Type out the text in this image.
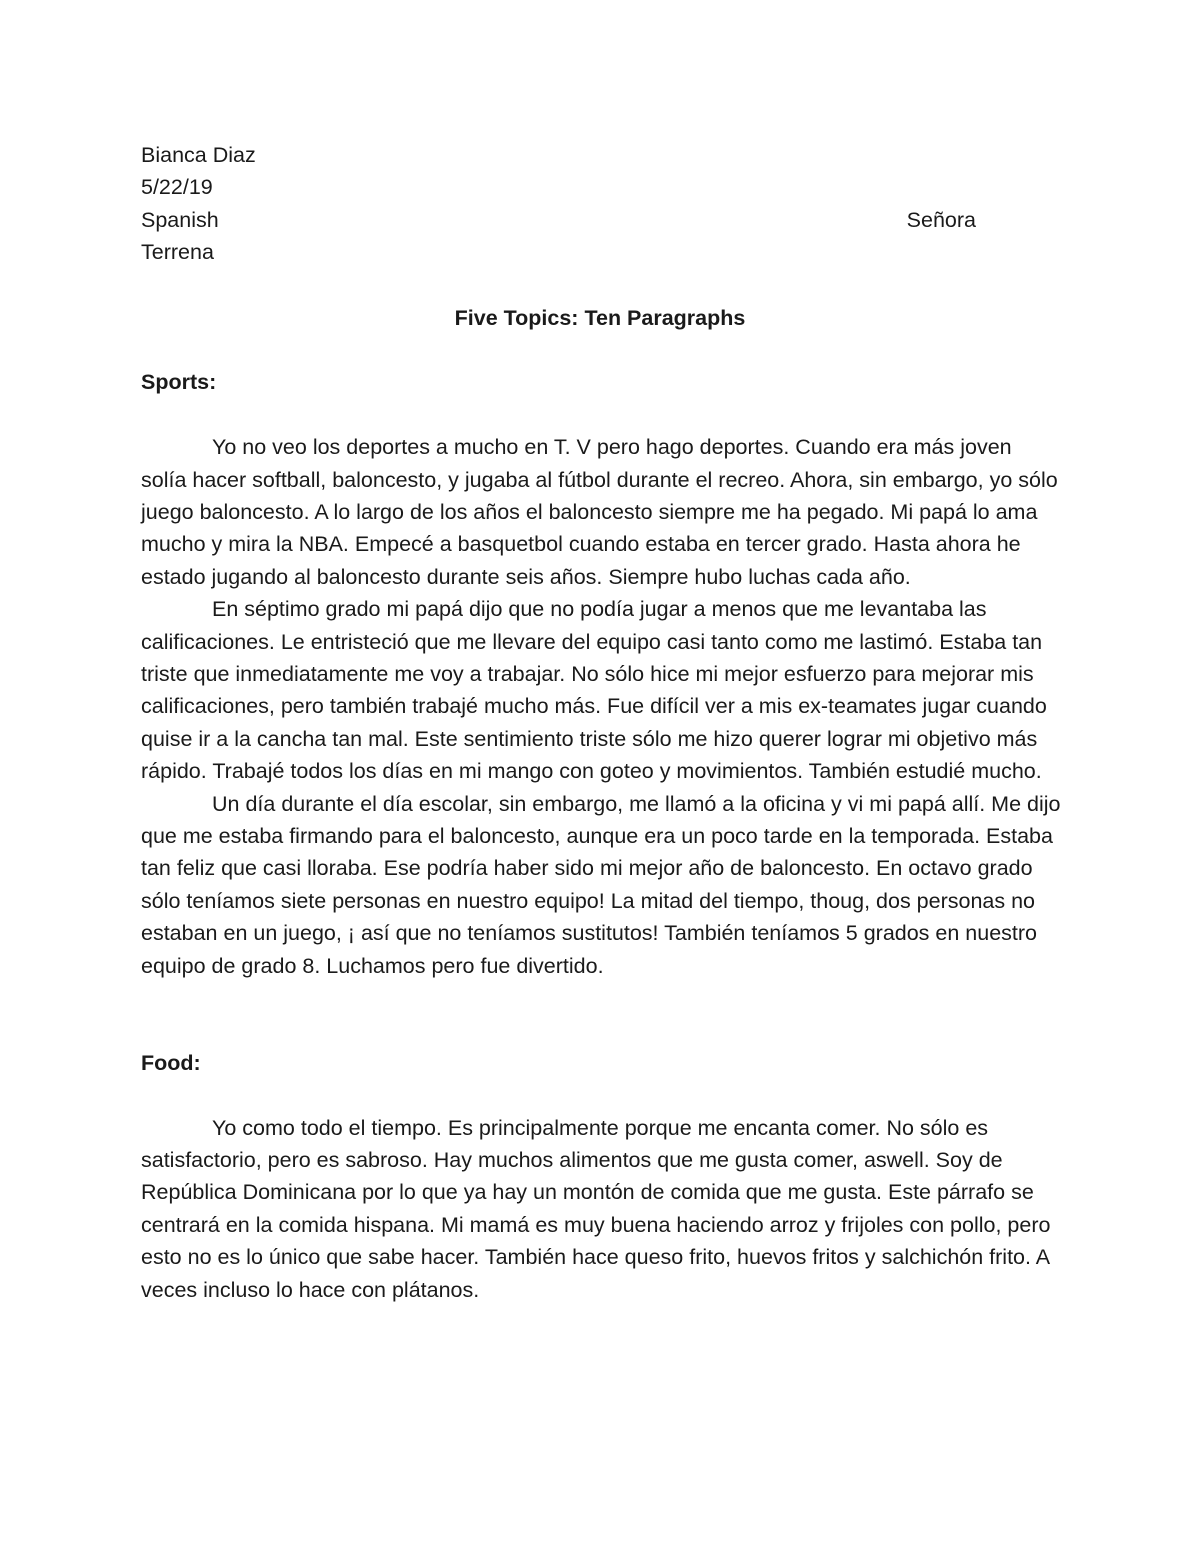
Bianca Diaz
5/22/19
Spanish	Señora
Terrena
Five Topics: Ten Paragraphs
Sports:

Yo no veo los deportes a mucho en T. V pero hago deportes. Cuando era más joven solía hacer softball, baloncesto, y jugaba al fútbol durante el recreo. Ahora, sin embargo, yo sólo juego baloncesto. A lo largo de los años el baloncesto siempre me ha pegado. Mi papá lo ama mucho y mira la NBA. Empecé a basquetbol cuando estaba en tercer grado. Hasta ahora he estado jugando al baloncesto durante seis años. Siempre hubo luchas cada año.

En séptimo grado mi papá dijo que no podía jugar a menos que me levantaba las calificaciones. Le entristeció que me llevare del equipo casi tanto como me lastimó. Estaba tan triste que inmediatamente me voy a trabajar. No sólo hice mi mejor esfuerzo para mejorar mis calificaciones, pero también trabajé mucho más. Fue difícil ver a mis ex-teamates jugar cuando quise ir a la cancha tan mal. Este sentimiento triste sólo me hizo querer lograr mi objetivo más rápido. Trabajé todos los días en mi mango con goteo y movimientos. También estudié mucho.

Un día durante el día escolar, sin embargo, me llamó a la oficina y vi mi papá allí. Me dijo que me estaba firmando para el baloncesto, aunque era un poco tarde en la temporada. Estaba tan feliz que casi lloraba. Ese podría haber sido mi mejor año de baloncesto. En octavo grado sólo teníamos siete personas en nuestro equipo! La mitad del tiempo, thoug, dos personas no estaban en un juego, ¡ así que no teníamos sustitutos! También teníamos 5 grados en nuestro equipo de grado 8. Luchamos pero fue divertido.

Food:

Yo como todo el tiempo. Es principalmente porque me encanta comer. No sólo es satisfactorio, pero es sabroso. Hay muchos alimentos que me gusta comer, aswell. Soy de República Dominicana por lo que ya hay un montón de comida que me gusta. Este párrafo se centrará en la comida hispana. Mi mamá es muy buena haciendo arroz y frijoles con pollo, pero esto no es lo único que sabe hacer. También hace queso frito, huevos fritos y salchichón frito. A veces incluso lo hace con plátanos.
